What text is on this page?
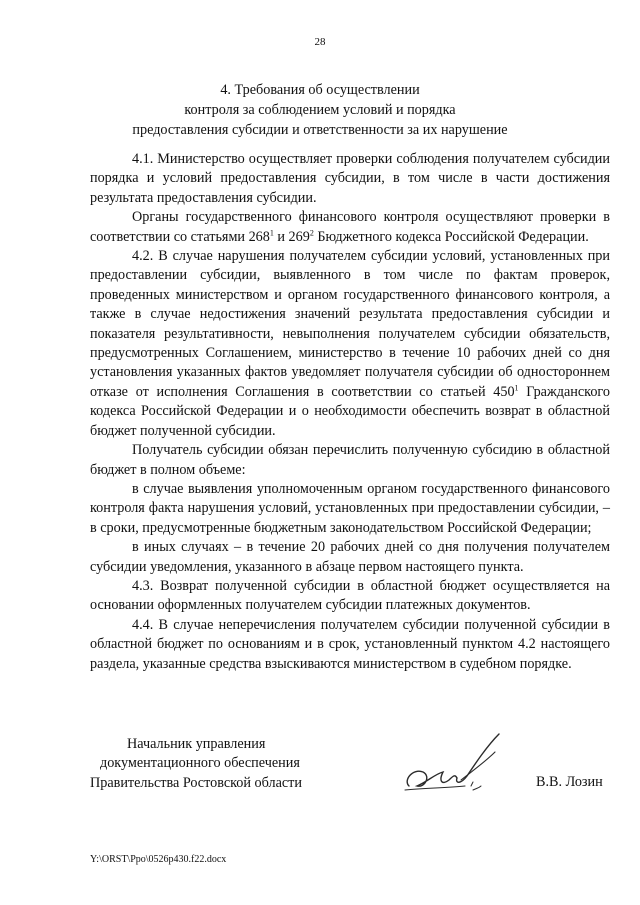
28
4. Требования об осуществлении
контроля за соблюдением условий и порядка
предоставления субсидии и ответственности за их нарушение

4.1. Министерство осуществляет проверки соблюдения получателем субсидии порядка и условий предоставления субсидии, в том числе в части достижения результата предоставления субсидии.

Органы государственного финансового контроля осуществляют проверки в соответствии со статьями $268^1$ и $269^2$ Бюджетного кодекса Российской Федерации.

4.2. В случае нарушения получателем субсидии условий, установленных при предоставлении субсидии, выявленного в том числе по фактам проверок, проведенных министерством и органом государственного финансового контроля, а также в случае недостижения значений результата предоставления субсидии и показателя результативности, невыполнения получателем субсидии обязательств, предусмотренных Соглашением, министерство в течение 10 рабочих дней со дня установления указанных фактов уведомляет получателя субсидии об одностороннем отказе от исполнения Соглашения в соответствии со статьей $450^1$ Гражданского кодекса Российской Федерации и о необходимости обеспечить возврат в областной бюджет полученной субсидии.

Получатель субсидии обязан перечислить полученную субсидию в областной бюджет в полном объеме:

в случае выявления уполномоченным органом государственного финансового контроля факта нарушения условий, установленных при предоставлении субсидии, – в сроки, предусмотренные бюджетным законодательством Российской Федерации;

в иных случаях – в течение 20 рабочих дней со дня получения получателем субсидии уведомления, указанного в абзаце первом настоящего пункта.

4.3. Возврат полученной субсидии в областной бюджет осуществляется на основании оформленных получателем субсидии платежных документов.

4.4. В случае неперечисления получателем субсидии полученной субсидии в областной бюджет по основаниям и в срок, установленный пунктом 4.2 настоящего раздела, указанные средства взыскиваются министерством в судебном порядке.

Начальник управления
документационного обеспечения
Правительства Ростовской области	В.В. Лозин
Y:\ORST\Ppo\0526p430.f22.docx
